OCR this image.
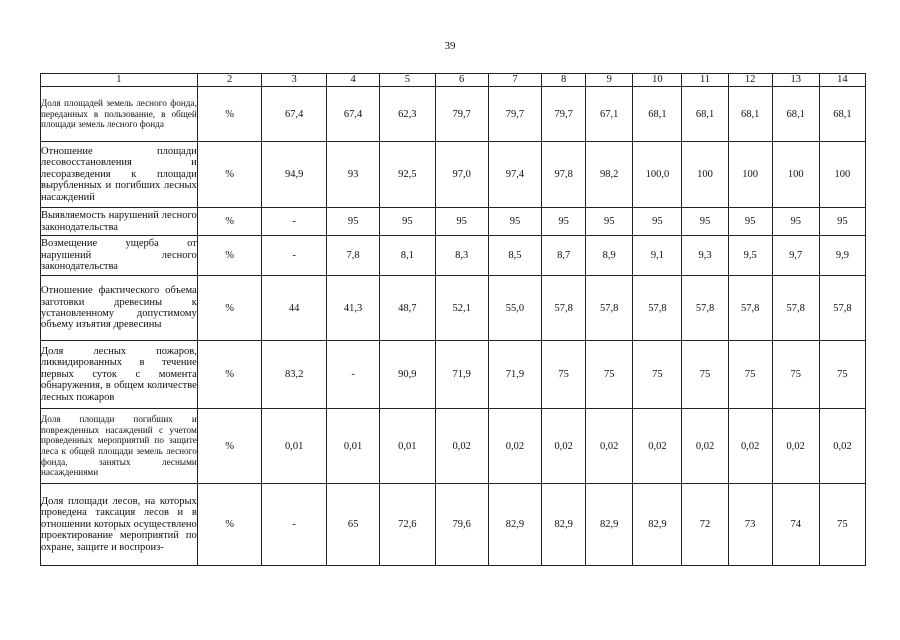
39
1	2	3	4	5	6	7	8	9	10	11	12	13	14
Доля площадей земель лесного фонда, переданных в пользование, в общей площади земель лесного фонда	%	67,4	67,4	62,3	79,7	79,7	79,7	67,1	68,1	68,1	68,1	68,1	68,1
Отношение площади лесовосстановления и лесоразведения к площади вырубленных и погибших лесных насаждений	%	94,9	93	92,5	97,0	97,4	97,8	98,2	100,0	100	100	100	100
Выявляемость нарушений лесного законодательства	%	-	95	95	95	95	95	95	95	95	95	95	95
Возмещение ущерба от нарушений лесного законодательства	%	-	7,8	8,1	8,3	8,5	8,7	8,9	9,1	9,3	9,5	9,7	9,9
Отношение фактического объема заготовки древесины к установленному допустимому объему изъятия древесины	%	44	41,3	48,7	52,1	55,0	57,8	57,8	57,8	57,8	57,8	57,8	57,8
Доля лесных пожаров, ликвидированных в течение первых суток с момента обнаружения, в общем количестве лесных пожаров	%	83,2	-	90,9	71,9	71,9	75	75	75	75	75	75	75
Доля площади погибших и поврежденных насаждений с учетом проведенных мероприятий по защите леса к общей площади земель лесного фонда, занятых лесными насаждениями	%	0,01	0,01	0,01	0,02	0,02	0,02	0,02	0,02	0,02	0,02	0,02	0,02
Доля площади лесов, на которых проведена таксация лесов и в отношении которых осуществлено проектирование мероприятий по охране, защите и воспроиз-	%	-	65	72,6	79,6	82,9	82,9	82,9	82,9	72	73	74	75
